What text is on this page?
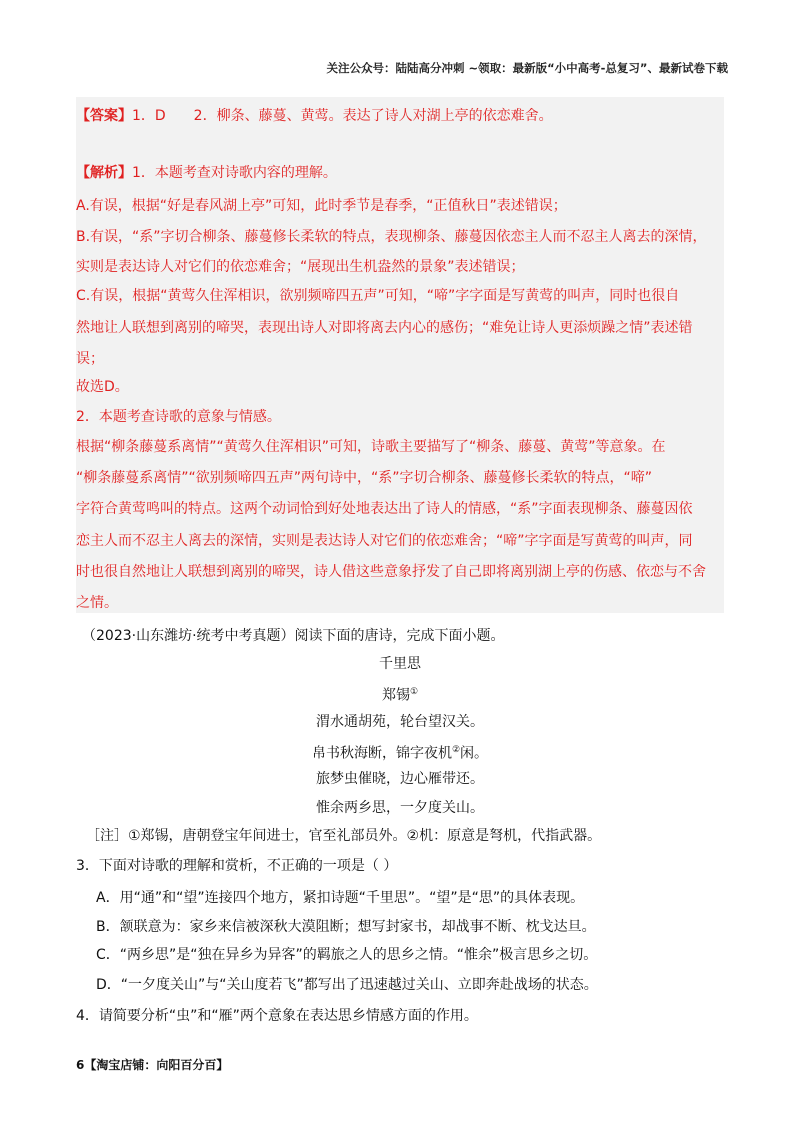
关注公众号：陆陆高分冲刺 ~领取：最新版“小中高考-总复习”、最新试卷下载
【答案】1．D　　2．柳条、藤蔓、黄莺。表达了诗人对湖上亭的依恋难舍。
【解析】1．本题考查对诗歌内容的理解。
A.有误，根据“好是春风湖上亭”可知，此时季节是春季，“正值秋日”表述错误；
B.有误，“系”字切合柳条、藤蔓修长柔软的特点，表现柳条、藤蔓因依恋主人而不忍主人离去的深情，
实则是表达诗人对它们的依恋难舍；“展现出生机盎然的景象”表述错误；
C.有误，根据“黄莺久住浑相识，欲别频啼四五声”可知，“啼”字字面是写黄莺的叫声，同时也很自
然地让人联想到离别的啼哭，表现出诗人对即将离去内心的感伤；“难免让诗人更添烦躁之情”表述错
误；
故选D。
2．本题考查诗歌的意象与情感。
根据“柳条藤蔓系离情”“黄莺久住浑相识”可知，诗歌主要描写了“柳条、藤蔓、黄莺”等意象。在
“柳条藤蔓系离情”“欲别频啼四五声”两句诗中，“系”字切合柳条、藤蔓修长柔软的特点，“啼”
字符合黄莺鸣叫的特点。这两个动词恰到好处地表达出了诗人的情感，“系”字面表现柳条、藤蔓因依
恋主人而不忍主人离去的深情，实则是表达诗人对它们的依恋难舍；“啼”字字面是写黄莺的叫声，同
时也很自然地让人联想到离别的啼哭，诗人借这些意象抒发了自己即将离别湖上亭的伤感、依恋与不舍
之情。
（2023·山东潍坊·统考中考真题）阅读下面的唐诗，完成下面小题。
千里思
郑锡①
渭水通胡苑，轮台望汉关。
帛书秋海断，锦字夜机②闲。
旅梦虫催晓，边心雁带还。
惟余两乡思，一夕度关山。
［注］①郑锡，唐朝登宝年间进士，官至礼部员外。②机：原意是弩机，代指武器。
3．下面对诗歌的理解和赏析，不正确的一项是（ ）
A．用“通”和“望”连接四个地方，紧扣诗题“千里思”。“望”是“思”的具体表现。
B．颔联意为：家乡来信被深秋大漠阻断；想写封家书，却战事不断、枕戈达旦。
C．“两乡思”是“独在异乡为异客”的羁旅之人的思乡之情。“惟余”极言思乡之切。
D．“一夕度关山”与“关山度若飞”都写出了迅速越过关山、立即奔赴战场的状态。
4．请简要分析“虫”和“雁”两个意象在表达思乡情感方面的作用。
6【淘宝店铺：向阳百分百】
